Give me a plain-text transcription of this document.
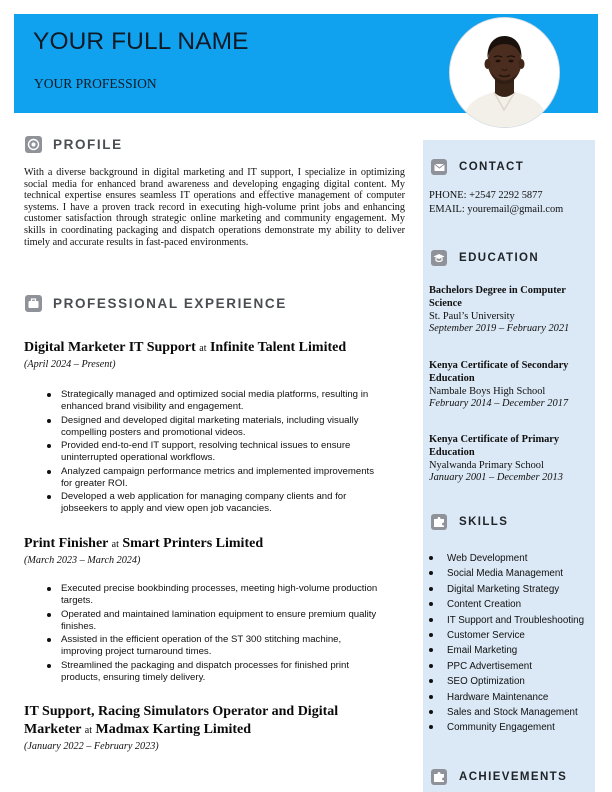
YOUR FULL NAME
YOUR PROFESSION
PROFILE
With a diverse background in digital marketing and IT support, I specialize in optimizing social media for enhanced brand awareness and developing engaging digital content. My technical expertise ensures seamless IT operations and effective management of computer systems. I have a proven track record in executing high-volume print jobs and enhancing customer satisfaction through strategic online marketing and community engagement. My skills in coordinating packaging and dispatch operations demonstrate my ability to deliver timely and accurate results in fast-paced environments.
PROFESSIONAL EXPERIENCE
Digital Marketer IT Support at Infinite Talent Limited
(April 2024 – Present)
Strategically managed and optimized social media platforms, resulting in enhanced brand visibility and engagement.
Designed and developed digital marketing materials, including visually compelling posters and promotional videos.
Provided end-to-end IT support, resolving technical issues to ensure uninterrupted operational workflows.
Analyzed campaign performance metrics and implemented improvements for greater ROI.
Developed a web application for managing company clients and for jobseekers to apply and view open job vacancies.
Print Finisher at Smart Printers Limited
(March 2023 – March 2024)
Executed precise bookbinding processes, meeting high-volume production targets.
Operated and maintained lamination equipment to ensure premium quality finishes.
Assisted in the efficient operation of the ST 300 stitching machine, improving project turnaround times.
Streamlined the packaging and dispatch processes for finished print products, ensuring timely delivery.
IT Support, Racing Simulators Operator and Digital Marketer at Madmax Karting Limited
(January 2022 – February 2023)
CONTACT
PHONE: +2547 2292 5877
EMAIL: youremail@gmail.com
EDUCATION
Bachelors Degree in Computer Science
St. Paul’s University
September 2019 – February 2021
Kenya Certificate of Secondary Education
Nambale Boys High School
February 2014 – December 2017
Kenya Certificate of Primary Education
Nyalwanda Primary School
January 2001 – December 2013
SKILLS
Web Development
Social Media Management
Digital Marketing Strategy
Content Creation
IT Support and Troubleshooting
Customer Service
Email Marketing
PPC Advertisement
SEO Optimization
Hardware Maintenance
Sales and Stock Management
Community Engagement
ACHIEVEMENTS
